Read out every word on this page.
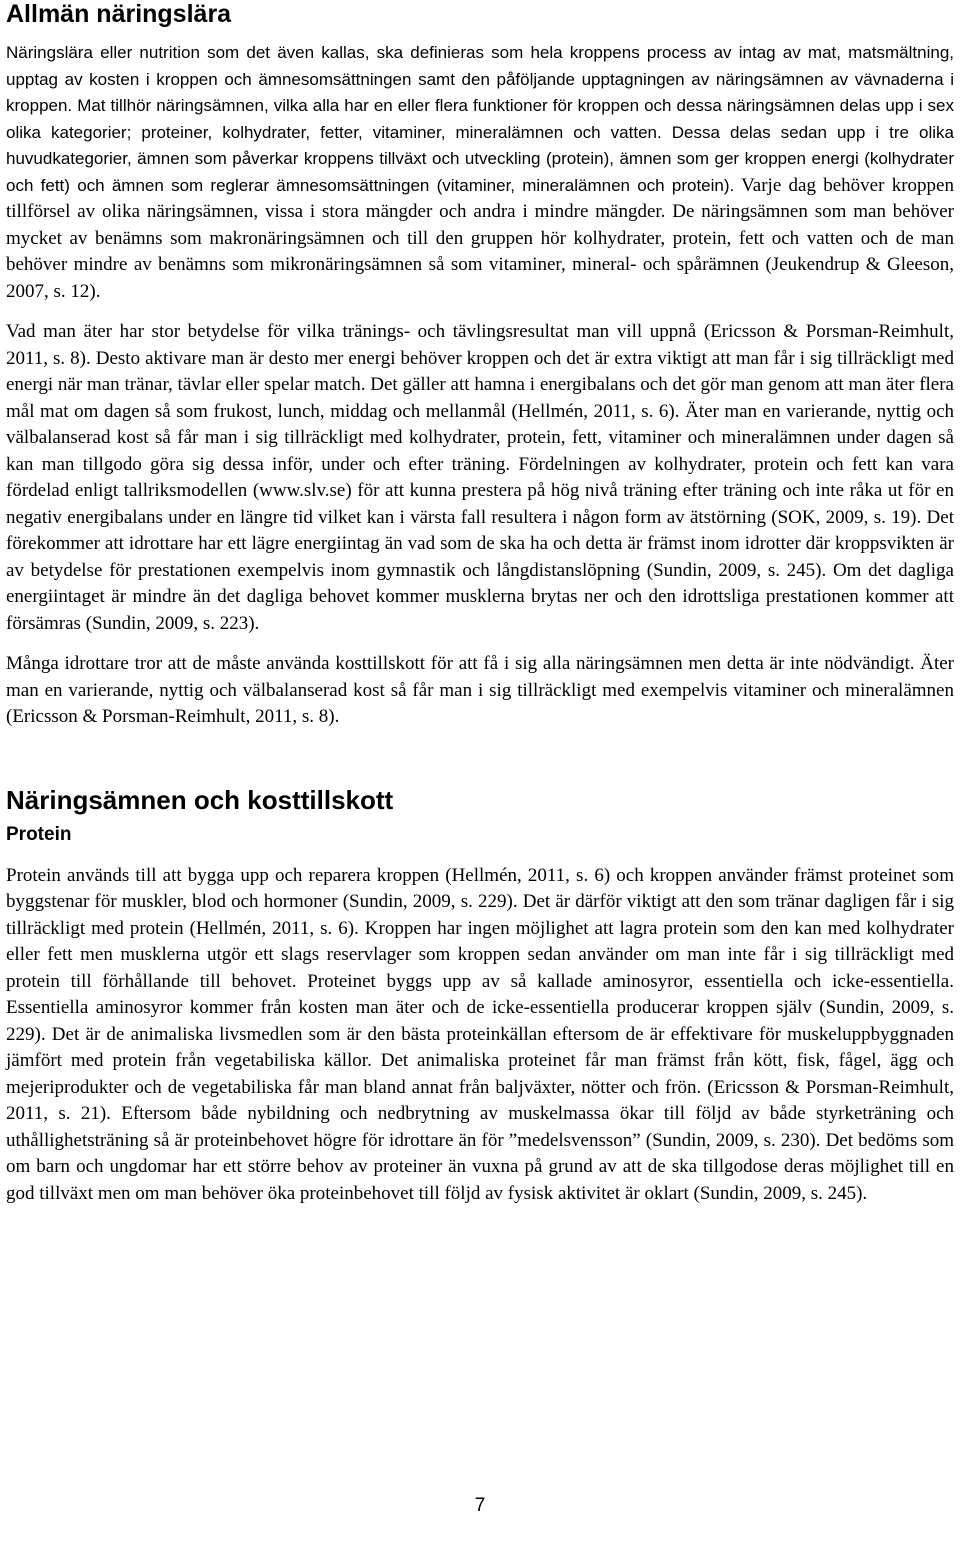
Allmän näringslära

Näringslära eller nutrition som det även kallas, ska definieras som hela kroppens process av intag av mat, matsmältning, upptag av kosten i kroppen och ämnesomsättningen samt den påföljande upptagningen av näringsämnen av vävnaderna i kroppen. Mat tillhör näringsämnen, vilka alla har en eller flera funktioner för kroppen och dessa näringsämnen delas upp i sex olika kategorier; proteiner, kolhydrater, fetter, vitaminer, mineralämnen och vatten. Dessa delas sedan upp i tre olika huvudkategorier, ämnen som påverkar kroppens tillväxt och utveckling (protein), ämnen som ger kroppen energi (kolhydrater och fett) och ämnen som reglerar ämnesomsättningen (vitaminer, mineralämnen och protein). Varje dag behöver kroppen tillförsel av olika näringsämnen, vissa i stora mängder och andra i mindre mängder. De näringsämnen som man behöver mycket av benämns som makronäringsämnen och till den gruppen hör kolhydrater, protein, fett och vatten och de man behöver mindre av benämns som mikronäringsämnen så som vitaminer, mineral- och spårämnen (Jeukendrup & Gleeson, 2007, s. 12).

Vad man äter har stor betydelse för vilka tränings- och tävlingsresultat man vill uppnå (Ericsson & Porsman-Reimhult, 2011, s. 8). Desto aktivare man är desto mer energi behöver kroppen och det är extra viktigt att man får i sig tillräckligt med energi när man tränar, tävlar eller spelar match. Det gäller att hamna i energibalans och det gör man genom att man äter flera mål mat om dagen så som frukost, lunch, middag och mellanmål (Hellmén, 2011, s. 6). Äter man en varierande, nyttig och välbalanserad kost så får man i sig tillräckligt med kolhydrater, protein, fett, vitaminer och mineralämnen under dagen så kan man tillgodo göra sig dessa inför, under och efter träning. Fördelningen av kolhydrater, protein och fett kan vara fördelad enligt tallriksmodellen (www.slv.se) för att kunna prestera på hög nivå träning efter träning och inte råka ut för en negativ energibalans under en längre tid vilket kan i värsta fall resultera i någon form av ätstörning (SOK, 2009, s. 19). Det förekommer att idrottare har ett lägre energiintag än vad som de ska ha och detta är främst inom idrotter där kroppsvikten är av betydelse för prestationen exempelvis inom gymnastik och långdistanslöpning (Sundin, 2009, s. 245). Om det dagliga energiintaget är mindre än det dagliga behovet kommer musklerna brytas ner och den idrottsliga prestationen kommer att försämras (Sundin, 2009, s. 223).

Många idrottare tror att de måste använda kosttillskott för att få i sig alla näringsämnen men detta är inte nödvändigt. Äter man en varierande, nyttig och välbalanserad kost så får man i sig tillräckligt med exempelvis vitaminer och mineralämnen (Ericsson & Porsman-Reimhult, 2011, s. 8).

Näringsämnen och kosttillskott
Protein

Protein används till att bygga upp och reparera kroppen (Hellmén, 2011, s. 6) och kroppen använder främst proteinet som byggstenar för muskler, blod och hormoner (Sundin, 2009, s. 229). Det är därför viktigt att den som tränar dagligen får i sig tillräckligt med protein (Hellmén, 2011, s. 6). Kroppen har ingen möjlighet att lagra protein som den kan med kolhydrater eller fett men musklerna utgör ett slags reservlager som kroppen sedan använder om man inte får i sig tillräckligt med protein till förhållande till behovet. Proteinet byggs upp av så kallade aminosyror, essentiella och icke-essentiella. Essentiella aminosyror kommer från kosten man äter och de icke-essentiella producerar kroppen själv (Sundin, 2009, s. 229). Det är de animaliska livsmedlen som är den bästa proteinkällan eftersom de är effektivare för muskeluppbyggnaden jämfört med protein från vegetabiliska källor. Det animaliska proteinet får man främst från kött, fisk, fågel, ägg och mejeriprodukter och de vegetabiliska får man bland annat från baljväxter, nötter och frön. (Ericsson & Porsman-Reimhult, 2011, s. 21). Eftersom både nybildning och nedbrytning av muskelmassa ökar till följd av både styrketräning och uthållighetsträning så är proteinbehovet högre för idrottare än för ”medelsvensson” (Sundin, 2009, s. 230). Det bedöms som om barn och ungdomar har ett större behov av proteiner än vuxna på grund av att de ska tillgodose deras möjlighet till en god tillväxt men om man behöver öka proteinbehovet till följd av fysisk aktivitet är oklart (Sundin, 2009, s. 245).

7
